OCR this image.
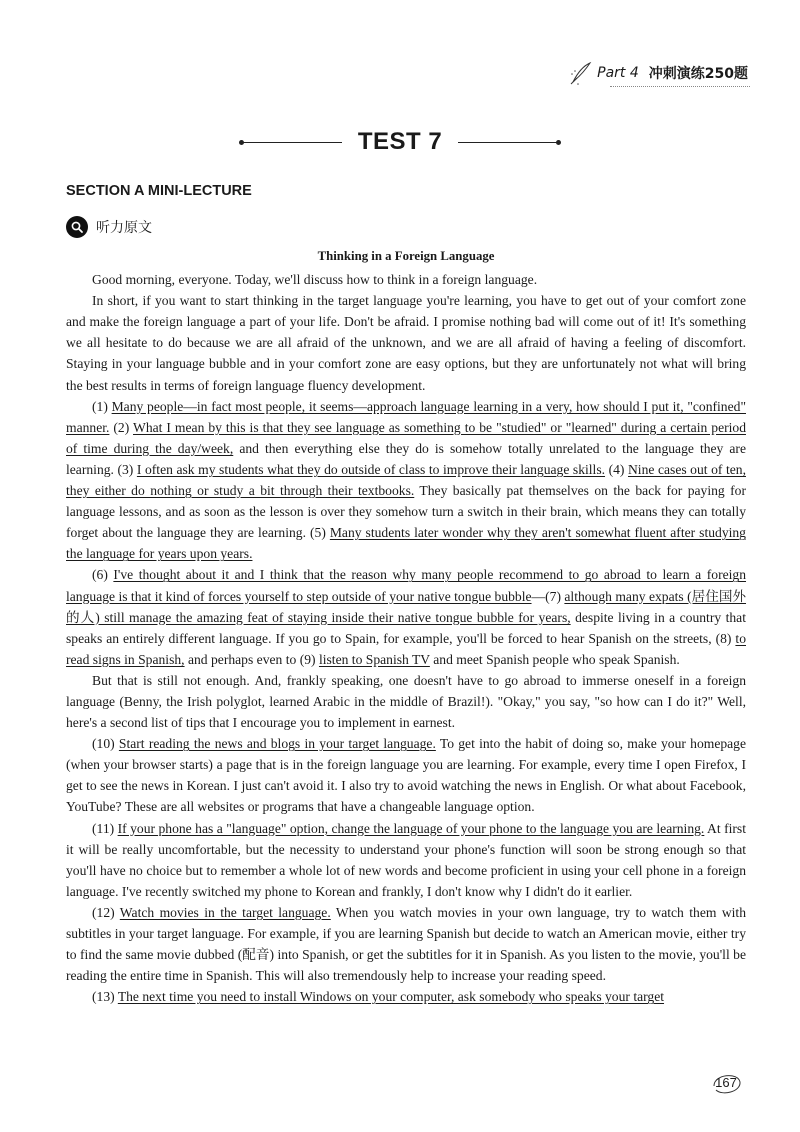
Part 4 冲刺演练250题
TEST 7
SECTION A MINI-LECTURE
听力原文
Thinking in a Foreign Language

Good morning, everyone. Today, we'll discuss how to think in a foreign language.

In short, if you want to start thinking in the target language you're learning, you have to get out of your comfort zone and make the foreign language a part of your life. Don't be afraid. I promise nothing bad will come out of it! It's something we all hesitate to do because we are all afraid of the unknown, and we are all afraid of having a feeling of discomfort. Staying in your language bubble and in your comfort zone are easy options, but they are unfortunately not what will bring the best results in terms of foreign language fluency development.

(1) Many people—in fact most people, it seems—approach language learning in a very, how should I put it, "confined" manner. (2) What I mean by this is that they see language as something to be "studied" or "learned" during a certain period of time during the day/week, and then everything else they do is somehow totally unrelated to the language they are learning. (3) I often ask my students what they do outside of class to improve their language skills. (4) Nine cases out of ten, they either do nothing or study a bit through their textbooks. They basically pat themselves on the back for paying for language lessons, and as soon as the lesson is over they somehow turn a switch in their brain, which means they can totally forget about the language they are learning. (5) Many students later wonder why they aren't somewhat fluent after studying the language for years upon years.

(6) I've thought about it and I think that the reason why many people recommend to go abroad to learn a foreign language is that it kind of forces yourself to step outside of your native tongue bubble—(7) although many expats (居住国外的人) still manage the amazing feat of staying inside their native tongue bubble for years, despite living in a country that speaks an entirely different language. If you go to Spain, for example, you'll be forced to hear Spanish on the streets, (8) to read signs in Spanish, and perhaps even to (9) listen to Spanish TV and meet Spanish people who speak Spanish.

But that is still not enough. And, frankly speaking, one doesn't have to go abroad to immerse oneself in a foreign language (Benny, the Irish polyglot, learned Arabic in the middle of Brazil!). "Okay," you say, "so how can I do it?" Well, here's a second list of tips that I encourage you to implement in earnest.

(10) Start reading the news and blogs in your target language. To get into the habit of doing so, make your homepage (when your browser starts) a page that is in the foreign language you are learning. For example, every time I open Firefox, I get to see the news in Korean. I just can't avoid it. I also try to avoid watching the news in English. Or what about Facebook, YouTube? These are all websites or programs that have a changeable language option.

(11) If your phone has a "language" option, change the language of your phone to the language you are learning. At first it will be really uncomfortable, but the necessity to understand your phone's function will soon be strong enough so that you'll have no choice but to remember a whole lot of new words and become proficient in using your cell phone in a foreign language. I've recently switched my phone to Korean and frankly, I don't know why I didn't do it earlier.

(12) Watch movies in the target language. When you watch movies in your own language, try to watch them with subtitles in your target language. For example, if you are learning Spanish but decide to watch an American movie, either try to find the same movie dubbed (配音) into Spanish, or get the subtitles for it in Spanish. As you listen to the movie, you'll be reading the entire time in Spanish. This will also tremendously help to increase your reading speed.

(13) The next time you need to install Windows on your computer, ask somebody who speaks your target

167
